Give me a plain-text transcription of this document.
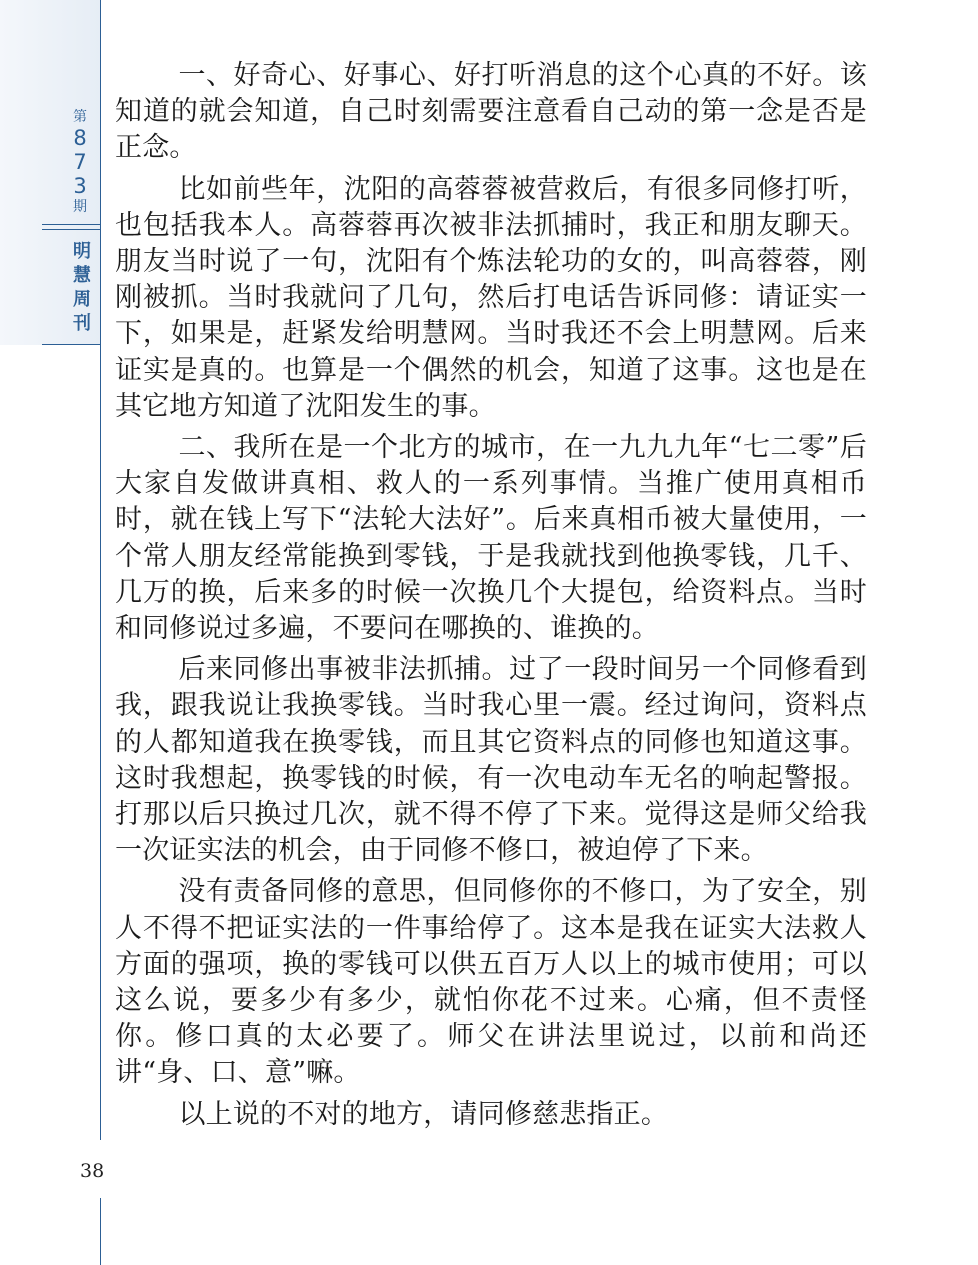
第
8
7
3
期
明
慧
周
刊
38

一、好奇心、好事心、好打听消息的这个心真的不好。该知道的就会知道，自己时刻需要注意看自己动的第一念是否是正念。

比如前些年，沈阳的高蓉蓉被营救后，有很多同修打听，也包括我本人。高蓉蓉再次被非法抓捕时，我正和朋友聊天。朋友当时说了一句，沈阳有个炼法轮功的女的，叫高蓉蓉，刚刚被抓。当时我就问了几句，然后打电话告诉同修：请证实一下，如果是，赶紧发给明慧网。当时我还不会上明慧网。后来证实是真的。也算是一个偶然的机会，知道了这事。这也是在其它地方知道了沈阳发生的事。

二、我所在是一个北方的城市，在一九九九年“七二零”后大家自发做讲真相、救人的一系列事情。当推广使用真相币时，就在钱上写下“法轮大法好”。后来真相币被大量使用，一个常人朋友经常能换到零钱，于是我就找到他换零钱，几千、几万的换，后来多的时候一次换几个大提包，给资料点。当时和同修说过多遍，不要问在哪换的、谁换的。

后来同修出事被非法抓捕。过了一段时间另一个同修看到我，跟我说让我换零钱。当时我心里一震。经过询问，资料点的人都知道我在换零钱，而且其它资料点的同修也知道这事。这时我想起，换零钱的时候，有一次电动车无名的响起警报。打那以后只换过几次，就不得不停了下来。觉得这是师父给我一次证实法的机会，由于同修不修口，被迫停了下来。

没有责备同修的意思，但同修你的不修口，为了安全，别人不得不把证实法的一件事给停了。这本是我在证实大法救人方面的强项，换的零钱可以供五百万人以上的城市使用；可以这么说，要多少有多少，就怕你花不过来。心痛，但不责怪你。修口真的太必要了。师父在讲法里说过，以前和尚还讲“身、口、意”嘛。

以上说的不对的地方，请同修慈悲指正。
